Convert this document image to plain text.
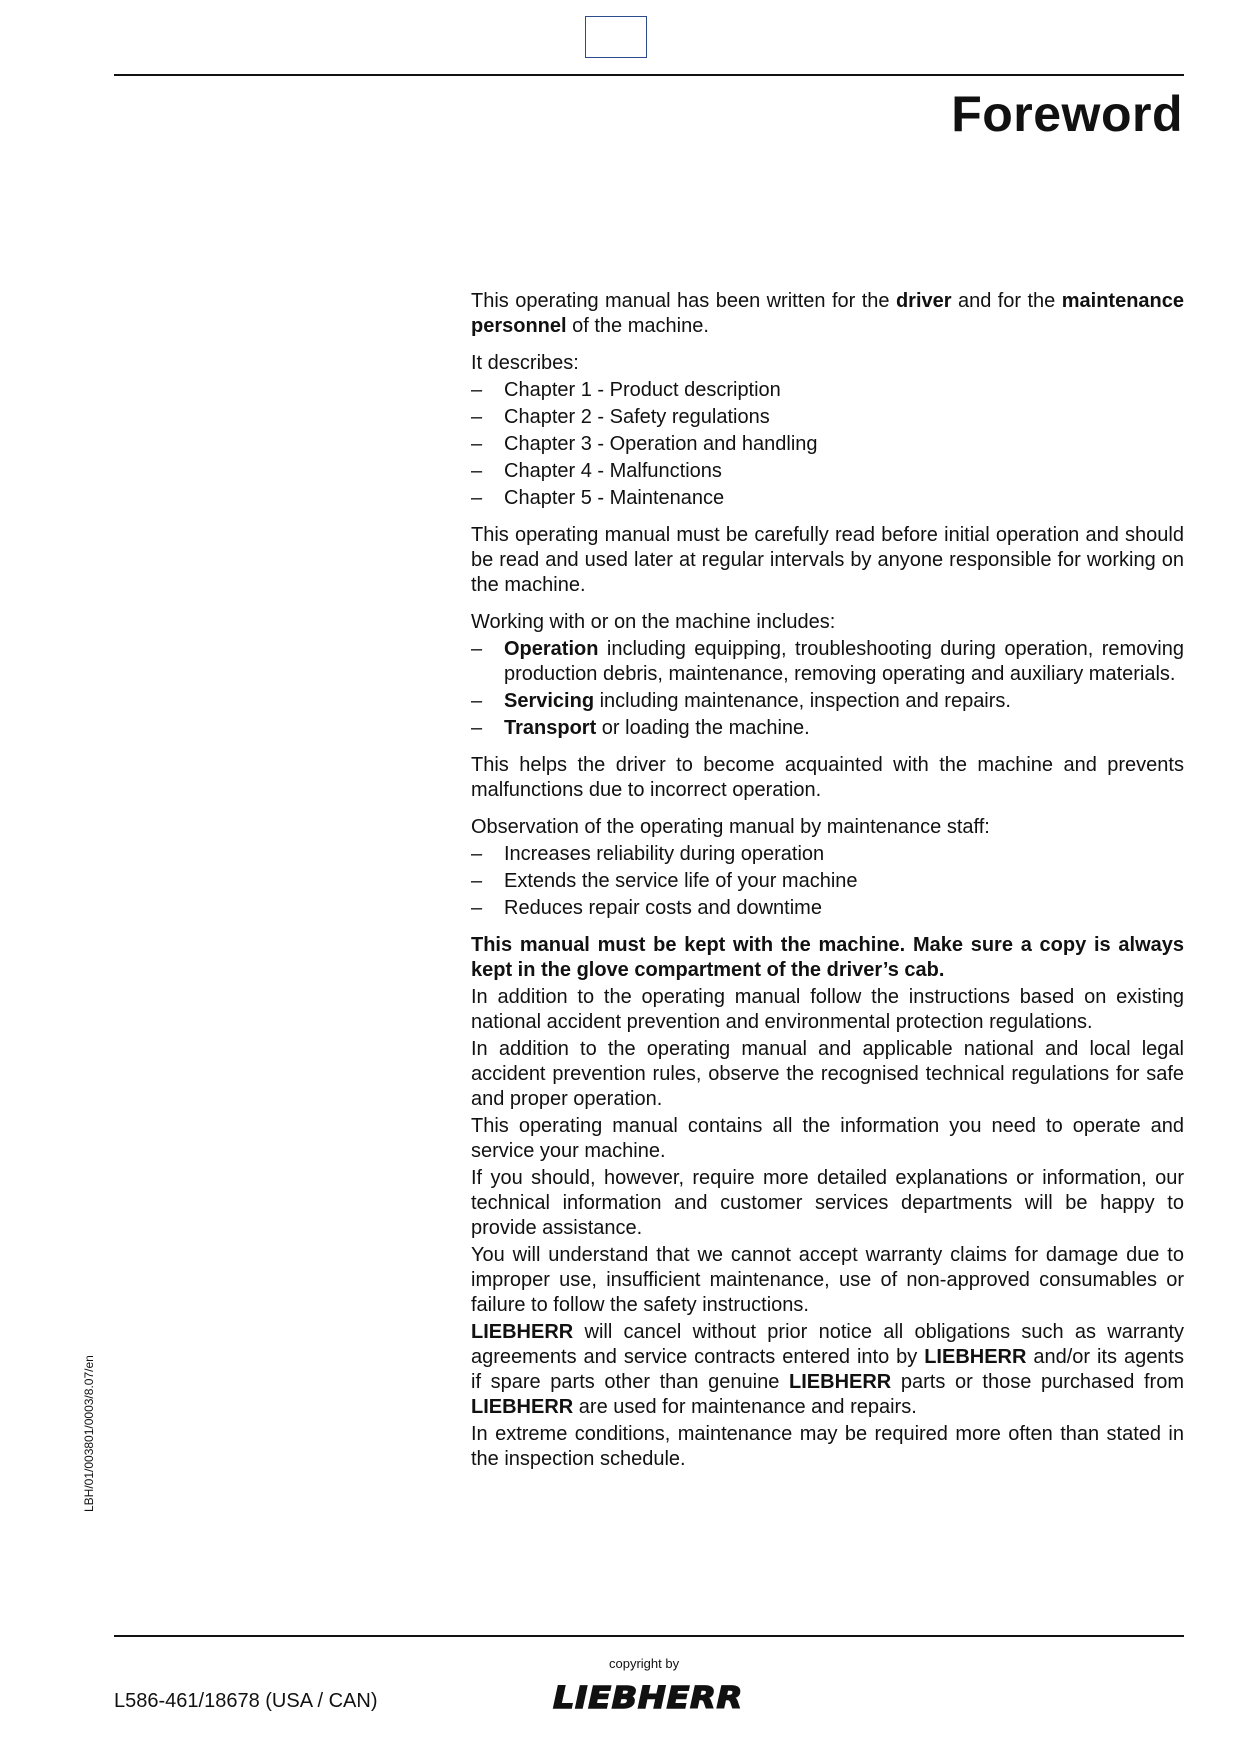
Foreword
LBH/01/003801/0003/8.07/en

This operating manual has been written for the driver and for the maintenance personnel of the machine.

It describes:

– Chapter 1 - Product description
– Chapter 2 - Safety regulations
– Chapter 3 - Operation and handling
– Chapter 4 - Malfunctions
– Chapter 5 - Maintenance

This operating manual must be carefully read before initial operation and should be read and used later at regular intervals by anyone responsible for working on the machine.

Working with or on the machine includes:

– Operation including equipping, troubleshooting during operation, removing production debris, maintenance, removing operating and auxiliary materials.
– Servicing including maintenance, inspection and repairs.
– Transport or loading the machine.

This helps the driver to become acquainted with the machine and prevents malfunctions due to incorrect operation.

Observation of the operating manual by maintenance staff:

– Increases reliability during operation
– Extends the service life of your machine
– Reduces repair costs and downtime

This manual must be kept with the machine. Make sure a copy is always kept in the glove compartment of the driver’s cab.

In addition to the operating manual follow the instructions based on existing national accident prevention and environmental protection regulations.

In addition to the operating manual and applicable national and local legal accident prevention rules, observe the recognised technical regulations for safe and proper operation.

This operating manual contains all the information you need to operate and service your machine.

If you should, however, require more detailed explanations or information, our technical information and customer services departments will be happy to provide assistance.

You will understand that we cannot accept warranty claims for damage due to improper use, insufficient maintenance, use of non-approved consumables or failure to follow the safety instructions.

LIEBHERR will cancel without prior notice all obligations such as warranty agreements and service contracts entered into by LIEBHERR and/or its agents if spare parts other than genuine LIEBHERR parts or those purchased from LIEBHERR are used for maintenance and repairs.

In extreme conditions, maintenance may be required more often than stated in the inspection schedule.

copyright by
L586-461/18678 (USA / CAN)	LIEBHERR
